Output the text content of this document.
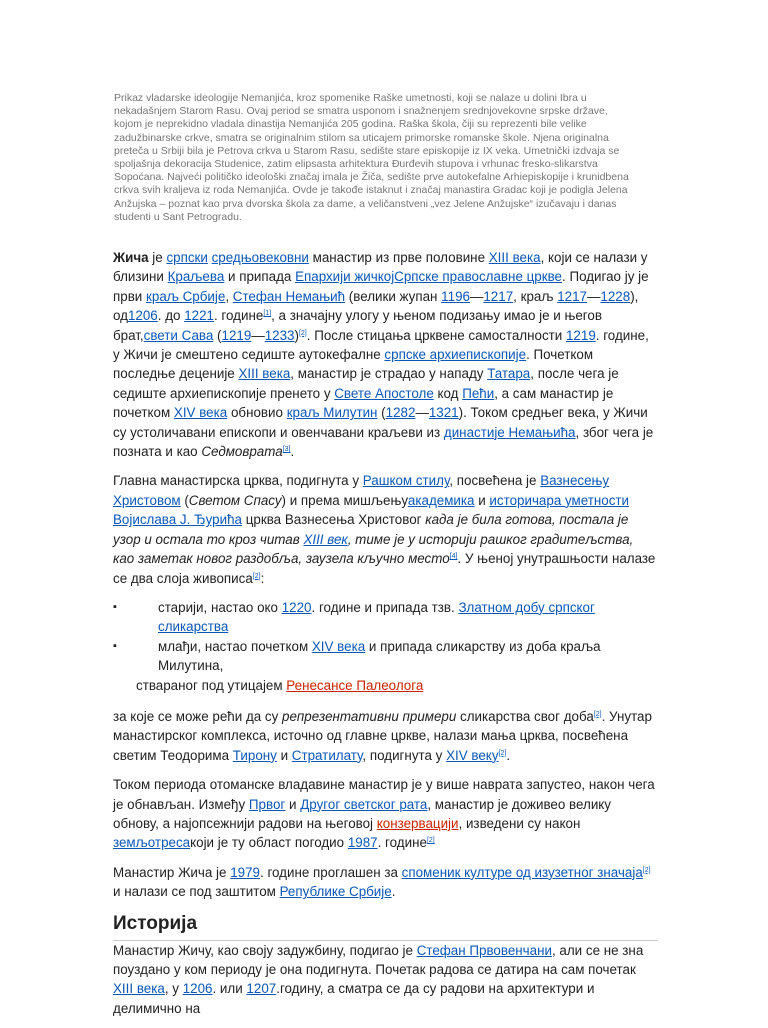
Prikaz vladarske ideologije Nemanjića, kroz spomenike Raške umetnosti, koji se nalaze u dolini Ibra u nekadašnjem Starom Rasu. Ovaj period se smatra usponom i snažnenjem srednjovekovne srpske države, kojom je neprekidno vladala dinastija Nemanjića 205 godina. Raška škola, čiji su reprezenti bile velike zadužbinarske crkve, smatra se originalnim stilom sa uticajem primorske romanske škole. Njena originalna preteča u Srbiji bila je Petrova crkva u Starom Rasu, sedište stare episkopije iz IX veka. Umetnički izdvaja se spoljašnja dekoracija Studenice, zatim elipsasta arhitektura Đurđevih stupova i vrhunac fresko-slikarstva Sopoćana. Najveći političko ideološki značaj imala je Žiča, sedište prve autokefalne Arhiepiskopije i krunidbena crkva svih kraljeva iz roda Nemanjića. Ovde je takođe istaknut i značaj manastira Gradac koji je podigla Jelena Anžujska – poznat kao prva dvorska škola za dame, a veličanstveni „vez Jelene Anžujske“ izučavaju i danas studenti u Sant Petrogradu.

Жича је српски средњовековни манастир из прве половине XIII века, који се налази у близини Краљева и припада Епархији жичкојСрпске православне цркве. Подигао ју је први краљ Србије, Стефан Немањић (велики жупан 1196—1217, краљ 1217—1228), од1206. до 1221. године[1], а значајну улогу у њеном подизању имао је и његов брат,свети Сава (1219—1233)[2]. После стицања црквене самосталности 1219. године, у Жичи је смештено седиште аутокефалне српске архиепископије. Почетком последње деценије XIII века, манастир је страдао у нападу Татара, после чега је седиште архиепископије пренето у Свете Апостоле код Пећи, а сам манастир је почетком XIV века обновио краљ Милутин (1282—1321). Током средњег века, у Жичи су устоличавани епископи и овенчавани краљеви из династије Немањића, због чега је позната и као Седмоврата[3].

Главна манастирска црква, подигнута у Рашком стилу, посвећена је Вазнесењу Христовом (Светом Спасу) и према мишљењуакадемика и историчара уметности Војислава Ј. Ђурића црква Вазнесења Христовог када је била готова, постала је узор и остала то кроз читав XIII век, тиме је у историји рашког градитељства, као заметак новог раздобља, заузела кључно место[4]. У њеној унутрашњости налазе се два слоја живописа[2]:

▪ старији, настао око 1220. године и припада тзв. Златном добу српског сликарства
▪ млађи, настао почетком XIV века и припада сликарству из доба краља Милутина,
ствараног под утицајем Ренесансе Палеолога

за које се може рећи да су репрезентативни примери сликарства свог доба[2]. Унутар манастирског комплекса, источно од главне цркве, налази мања црква, посвећена светим Теодорима Тирону и Стратилату, подигнута у XIV веку[2].

Током периода отоманске владавине манастир је у више наврата запустео, након чега је обнављан. Између Првог и Другог светског рата, манастир је доживео велику обнову, а најопсежнији радови на његовој конзервацији, изведени су након земљотресакоји је ту област погодио 1987. године[2]

Манастир Жича је 1979. године проглашен за споменик културе од изузетног значаја[2] и налази се под заштитом Републике Србије.

Историја

Манастир Жичу, као своју задужбину, подигао је Стефан Првовенчани, али се не зна поуздано у ком периоду је она подигнута. Почетак радова се датира на сам почетак XIII века, у 1206. или 1207.годину, а сматра се да су радови на архитектури и делимично на
